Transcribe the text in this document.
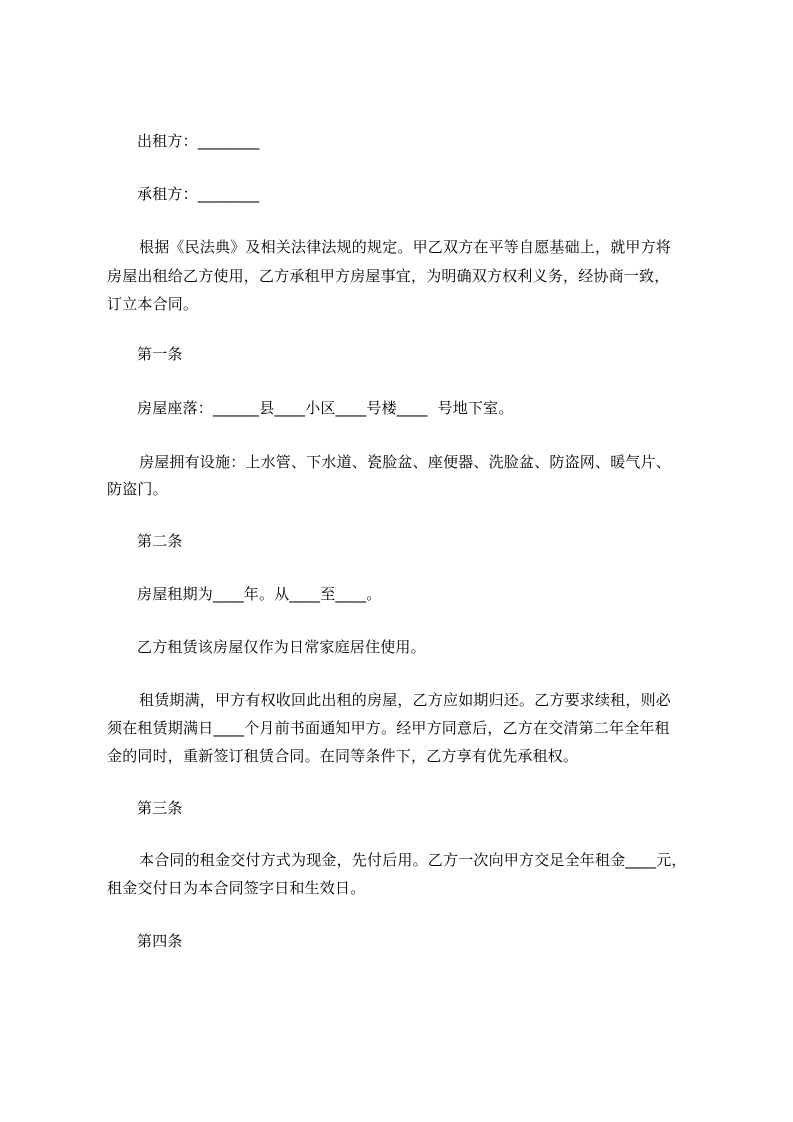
出租方：________
承租方：________
根据《民法典》及相关法律法规的规定。甲乙双方在平等自愿基础上，就甲方将
房屋出租给乙方使用，乙方承租甲方房屋事宜，为明确双方权利义务，经协商一致，
订立本合同。
第一条
房屋座落：______县____小区____号楼____  号地下室。
房屋拥有设施：上水管、下水道、瓷脸盆、座便器、洗脸盆、防盗网、暖气片、
防盗门。
第二条
房屋租期为____年。从____至____。
乙方租赁该房屋仅作为日常家庭居住使用。
租赁期满，甲方有权收回此出租的房屋，乙方应如期归还。乙方要求续租，则必
须在租赁期满日____个月前书面通知甲方。经甲方同意后，乙方在交清第二年全年租
金的同时，重新签订租赁合同。在同等条件下，乙方享有优先承租权。
第三条
本合同的租金交付方式为现金，先付后用。乙方一次向甲方交足全年租金____元，
租金交付日为本合同签字日和生效日。
第四条
